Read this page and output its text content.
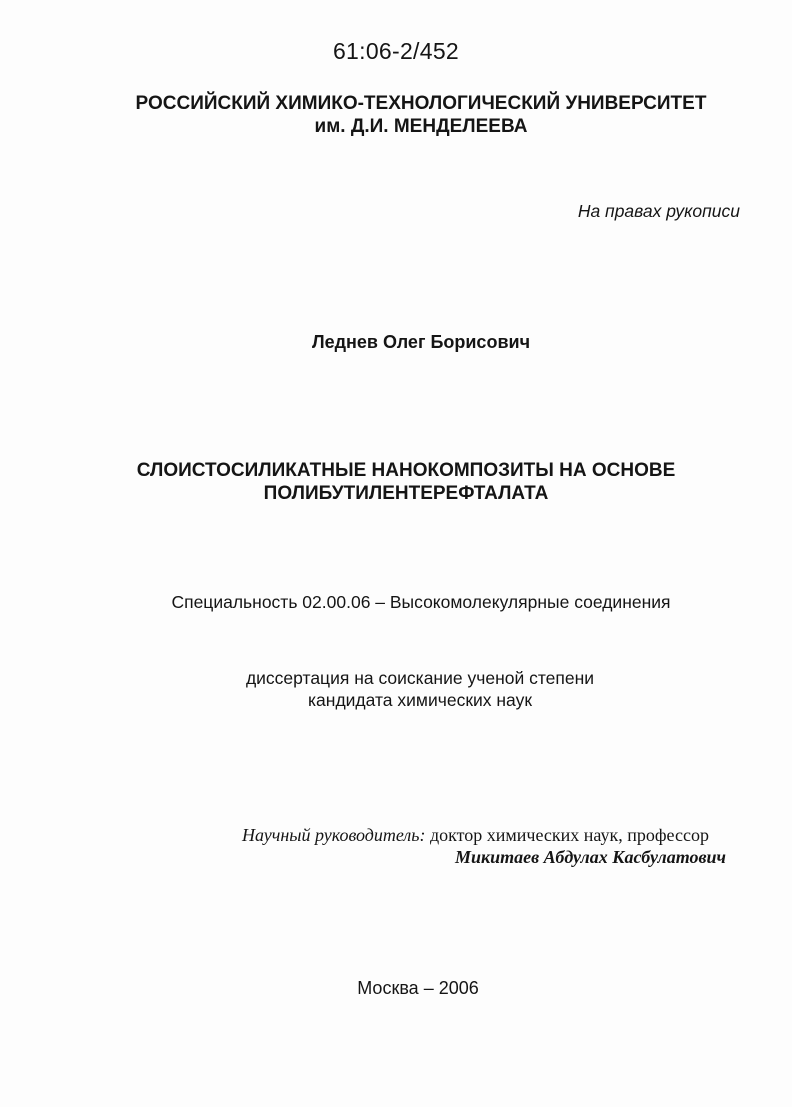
61:06-2/452

РОССИЙСКИЙ ХИМИКО-ТЕХНОЛОГИЧЕСКИЙ УНИВЕРСИТЕТ
им. Д.И. МЕНДЕЛЕЕВА

На правах рукописи

Леднев Олег Борисович

СЛОИСТОСИЛИКАТНЫЕ НАНОКОМПОЗИТЫ НА ОСНОВЕ
ПОЛИБУТИЛЕНТЕРЕФТАЛАТА

Специальность 02.00.06 – Высокомолекулярные соединения

диссертация на соискание ученой степени
кандидата химических наук

Научный руководитель: доктор химических наук, профессор

Микитаев Абдулах Касбулатович

Москва – 2006
